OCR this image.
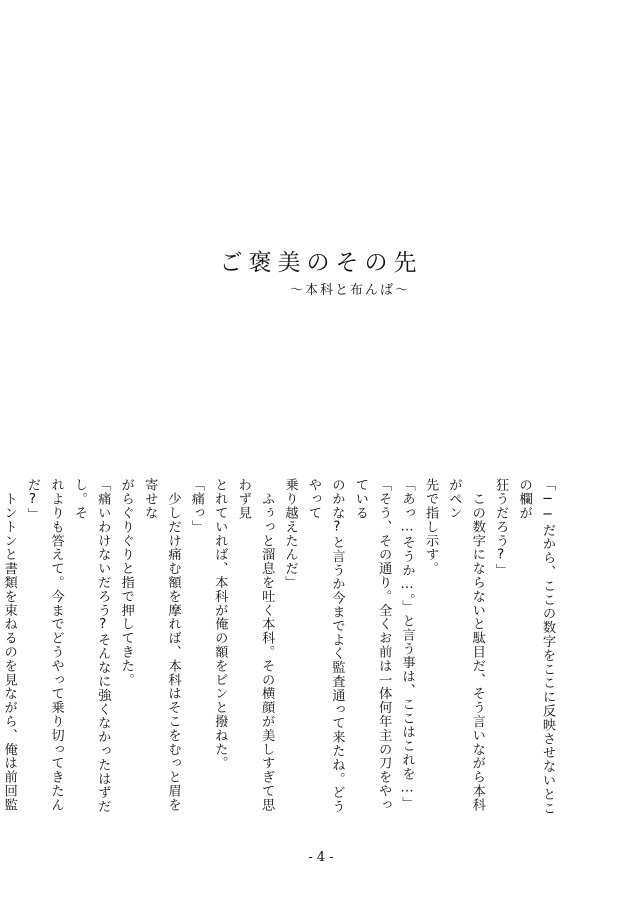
ご褒美のその先
〜本科と布んば〜

「──だから、ここの数字をここに反映させないとこの欄が

狂うだろう?」

　この数字にならないと駄目だ、そう言いながら本科がペン

先で指し示す。

「あっ…そうか…。」と言う事は、ここはこれを…」

「そう、その通り。全くお前は一体何年主の刀をやっている

のかな?と言うか今までよく監査通って来たね。どうやって

乗り越えたんだ」

　ふぅっと溜息を吐く本科。その横顔が美しすぎて思わず見

とれていれば、本科が俺の額をピンと撥ねた。

「痛っ」

　少しだけ痛む額を摩れば、本科はそこをむっと眉を寄せな

がらぐりぐりと指で押してきた。

「痛いわけないだろう?そんなに強くなかったはずだし。そ

れよりも答えて。今までどうやって乗り切ってきたんだ?」

　トントンと書類を束ねるのを見ながら、俺は前回監

- 4 -
